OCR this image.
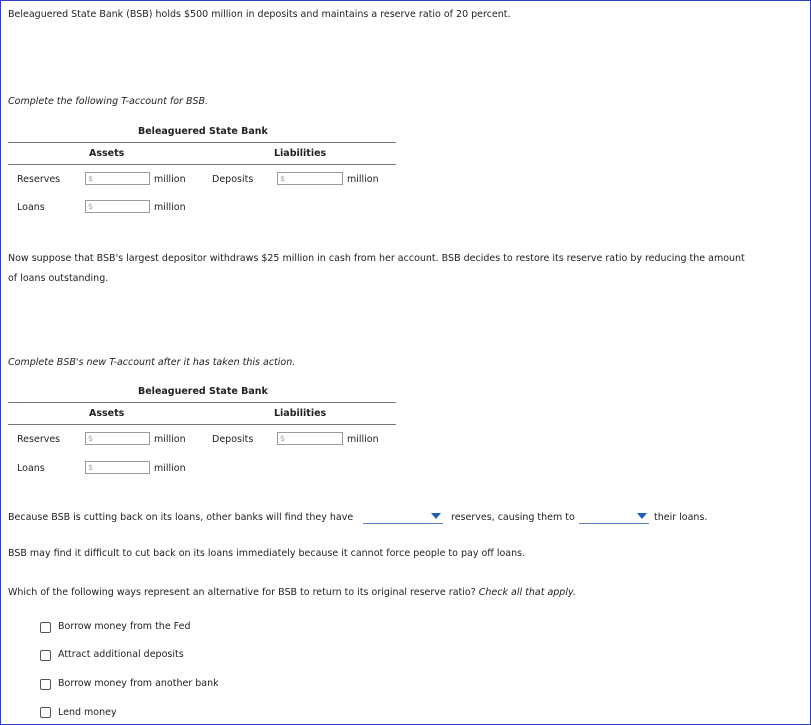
Beleaguered State Bank (BSB) holds $500 million in deposits and maintains a reserve ratio of 20 percent.
Complete the following T-account for BSB.
Beleaguered State Bank
Assets	Liabilities
Reserves	$	million	Deposits	$	million
Loans	$	million
Now suppose that BSB's largest depositor withdraws $25 million in cash from her account. BSB decides to restore its reserve ratio by reducing the amount of loans outstanding.
Complete BSB's new T-account after it has taken this action.
Beleaguered State Bank
Assets	Liabilities
Reserves	$	million	Deposits	$	million
Loans	$	million
Because BSB is cutting back on its loans, other banks will find they have	reserves, causing them to	their loans.
BSB may find it difficult to cut back on its loans immediately because it cannot force people to pay off loans.
Which of the following ways represent an alternative for BSB to return to its original reserve ratio? Check all that apply.
Borrow money from the Fed
Attract additional deposits
Borrow money from another bank
Lend money
